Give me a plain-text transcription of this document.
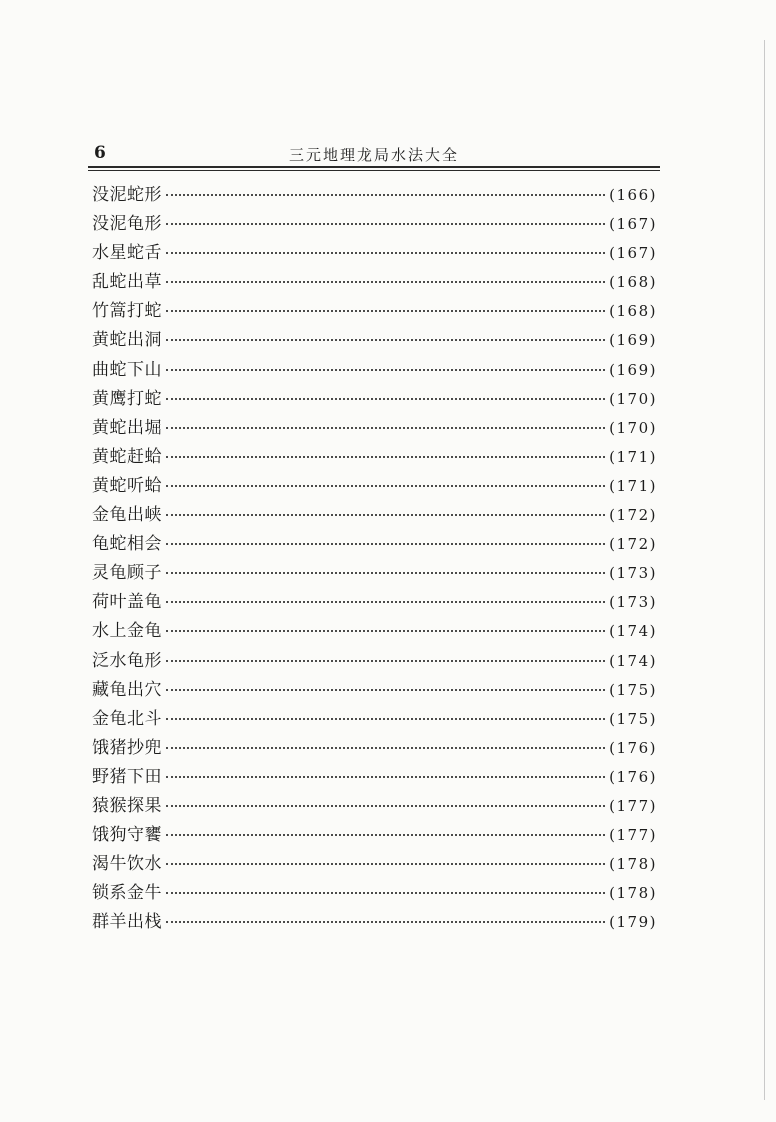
6	三元地理龙局水法大全
没泥蛇形	(166)
没泥龟形	(167)
水星蛇舌	(167)
乱蛇出草	(168)
竹篙打蛇	(168)
黄蛇出洞	(169)
曲蛇下山	(169)
黄鹰打蛇	(170)
黄蛇出堀	(170)
黄蛇赶蛤	(171)
黄蛇听蛤	(171)
金龟出峡	(172)
龟蛇相会	(172)
灵龟顾子	(173)
荷叶盖龟	(173)
水上金龟	(174)
泛水龟形	(174)
藏龟出穴	(175)
金龟北斗	(175)
饿猪抄兜	(176)
野猪下田	(176)
猿猴探果	(177)
饿狗守饔	(177)
渴牛饮水	(178)
锁系金牛	(178)
群羊出栈	(179)
